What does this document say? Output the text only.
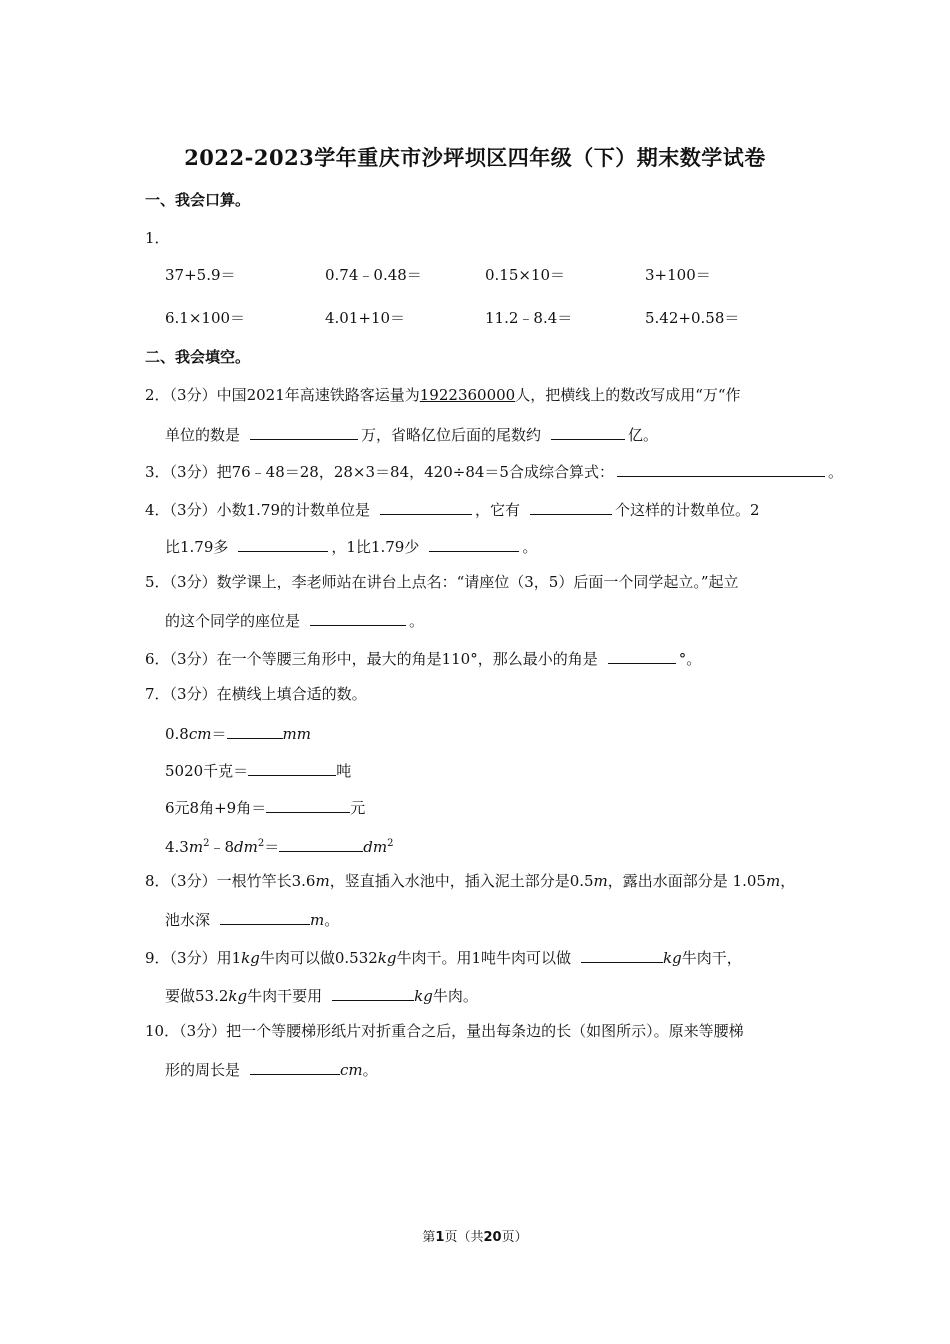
2022-2023学年重庆市沙坪坝区四年级（下）期末数学试卷
一、我会口算。
1．
37+5.9＝	0.74﹣0.48＝	0.15×10＝	3+100＝
6.1×100＝	4.01+10＝	11.2﹣8.4＝	5.42+0.58＝
二、我会填空。
2．（3分）中国2021年高速铁路客运量为1922360000人，把横线上的数改写成用“万“作
单位的数是	万，省略亿位后面的尾数约	亿。
3．（3分）把76﹣48＝28，28×3＝84，420÷84＝5合成综合算式：	。
4．（3分）小数1.79的计数单位是	，它有	个这样的计数单位。2
比1.79多	，1比1.79少	。
5．（3分）数学课上，李老师站在讲台上点名：“请座位（3，5）后面一个同学起立。”起立
的这个同学的座位是	。
6．（3分）在一个等腰三角形中，最大的角是110°，那么最小的角是	°。
7．（3分）在横线上填合适的数。
0.8cm＝	mm
5020千克＝	吨
6元8角+9角＝	元
$4.3m^2﹣8dm^2=$	$dm^2$
8．（3分）一根竹竿长3.6m，竖直插入水池中，插入泥土部分是0.5m，露出水面部分是 1.05m，
池水深	m。
9．（3分）用1kg牛肉可以做0.532kg牛肉干。用1吨牛肉可以做	kg牛肉干，
要做53.2kg牛肉干要用	kg牛肉。
10．（3分）把一个等腰梯形纸片对折重合之后，量出每条边的长（如图所示）。原来等腰梯
形的周长是	cm。
第1页（共20页）
